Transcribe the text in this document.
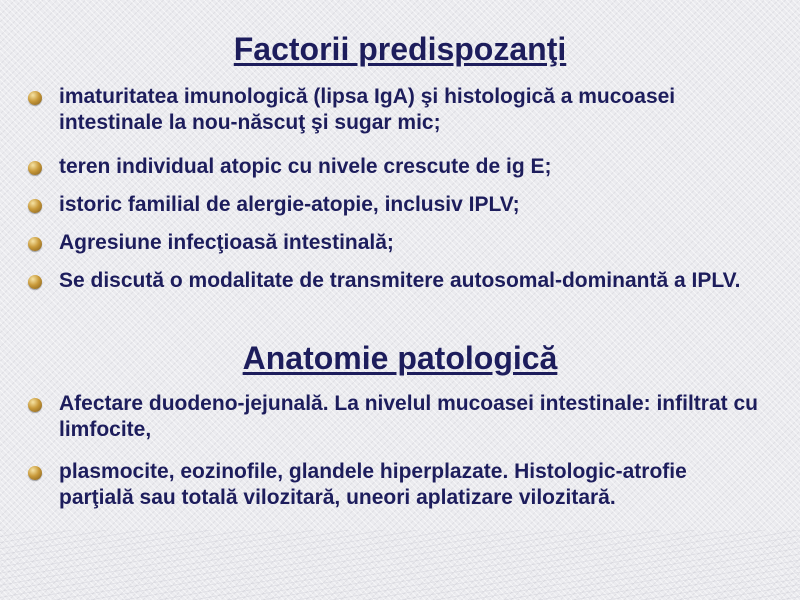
Factorii predispozanţi
imaturitatea imunologică (lipsa IgA) şi histologică a mucoasei intestinale la nou-născuţ şi sugar mic;
teren individual atopic cu nivele crescute de ig E;
istoric familial de alergie-atopie, inclusiv IPLV;
Agresiune infecţioasă intestinală;
Se discută o modalitate de transmitere autosomal-dominantă a IPLV.
Anatomie patologică
Afectare duodeno-jejunală. La nivelul mucoasei intestinale: infiltrat cu limfocite,
plasmocite, eozinofile, glandele hiperplazate. Histologic-atrofie parţială sau totală vilozitară, uneori aplatizare vilozitară.
